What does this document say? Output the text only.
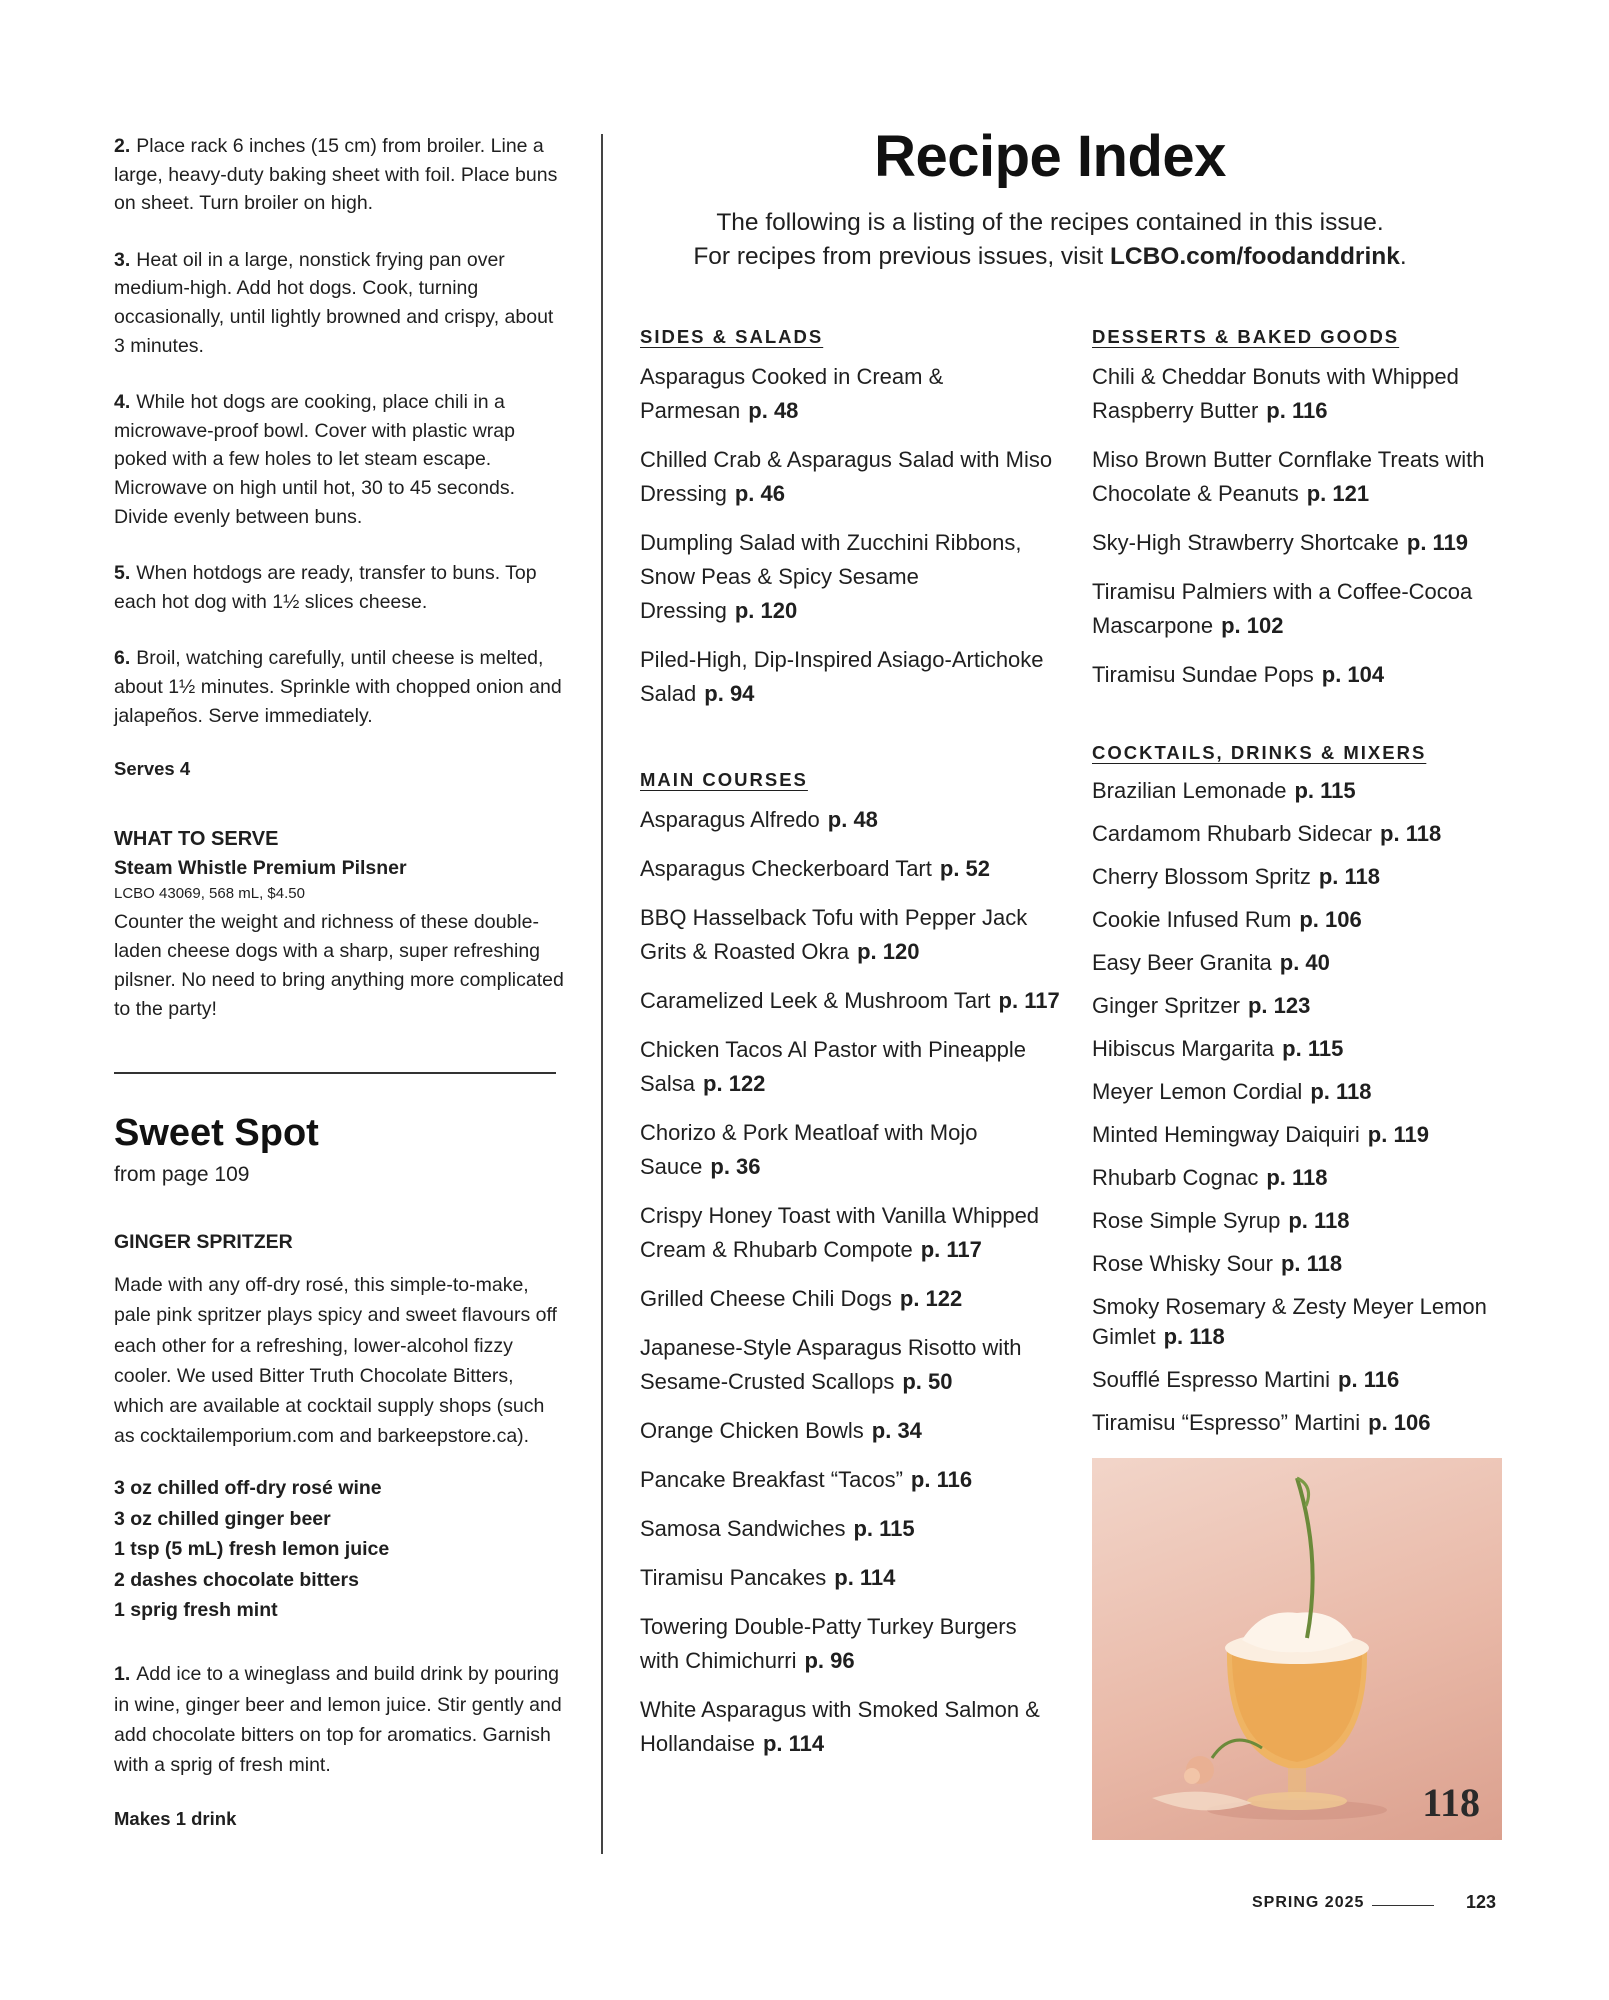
2. Place rack 6 inches (15 cm) from broiler. Line a large, heavy-duty baking sheet with foil. Place buns on sheet. Turn broiler on high.

3. Heat oil in a large, nonstick frying pan over medium-high. Add hot dogs. Cook, turning occasionally, until lightly browned and crispy, about 3 minutes.

4. While hot dogs are cooking, place chili in a microwave-proof bowl. Cover with plastic wrap poked with a few holes to let steam escape. Microwave on high until hot, 30 to 45 seconds. Divide evenly between buns.

5. When hotdogs are ready, transfer to buns. Top each hot dog with 1½ slices cheese.

6. Broil, watching carefully, until cheese is melted, about 1½ minutes. Sprinkle with chopped onion and jalapeños. Serve immediately.

Serves 4

WHAT TO SERVE

Steam Whistle Premium Pilsner

LCBO 43069, 568 mL, $4.50

Counter the weight and richness of these double-laden cheese dogs with a sharp, super refreshing pilsner. No need to bring anything more complicated to the party!

Sweet Spot

from page 109

GINGER SPRITZER

Made with any off-dry rosé, this simple-to-make, pale pink spritzer plays spicy and sweet flavours off each other for a refreshing, lower-alcohol fizzy cooler. We used Bitter Truth Chocolate Bitters, which are available at cocktail supply shops (such as cocktailemporium.com and barkeepstore.ca).

3 oz chilled off-dry rosé wine

3 oz chilled ginger beer

1 tsp (5 mL) fresh lemon juice

2 dashes chocolate bitters

1 sprig fresh mint

1. Add ice to a wineglass and build drink by pouring in wine, ginger beer and lemon juice. Stir gently and add chocolate bitters on top for aromatics. Garnish with a sprig of fresh mint.

Makes 1 drink

Recipe Index
The following is a listing of the recipes contained in this issue.
For recipes from previous issues, visit LCBO.com/foodanddrink.

SIDES & SALADS

Asparagus Cooked in Cream & Parmesan p. 48

Chilled Crab & Asparagus Salad with Miso Dressing p. 46

Dumpling Salad with Zucchini Ribbons, Snow Peas & Spicy Sesame Dressing p. 120

Piled-High, Dip-Inspired Asiago-Artichoke Salad p. 94

MAIN COURSES

Asparagus Alfredo p. 48

Asparagus Checkerboard Tart p. 52

BBQ Hasselback Tofu with Pepper Jack Grits & Roasted Okra p. 120

Caramelized Leek & Mushroom Tart p. 117

Chicken Tacos Al Pastor with Pineapple Salsa p. 122

Chorizo & Pork Meatloaf with Mojo Sauce p. 36

Crispy Honey Toast with Vanilla Whipped Cream & Rhubarb Compote p. 117

Grilled Cheese Chili Dogs p. 122

Japanese-Style Asparagus Risotto with Sesame-Crusted Scallops p. 50

Orange Chicken Bowls p. 34

Pancake Breakfast “Tacos” p. 116

Samosa Sandwiches p. 115

Tiramisu Pancakes p. 114

Towering Double-Patty Turkey Burgers with Chimichurri p. 96

White Asparagus with Smoked Salmon & Hollandaise p. 114

DESSERTS & BAKED GOODS

Chili & Cheddar Bonuts with Whipped Raspberry Butter p. 116

Miso Brown Butter Cornflake Treats with Chocolate & Peanuts p. 121

Sky-High Strawberry Shortcake p. 119

Tiramisu Palmiers with a Coffee-Cocoa Mascarpone p. 102

Tiramisu Sundae Pops p. 104

COCKTAILS, DRINKS & MIXERS

Brazilian Lemonade p. 115

Cardamom Rhubarb Sidecar p. 118

Cherry Blossom Spritz p. 118

Cookie Infused Rum p. 106

Easy Beer Granita p. 40

Ginger Spritzer p. 123

Hibiscus Margarita p. 115

Meyer Lemon Cordial p. 118

Minted Hemingway Daiquiri p. 119

Rhubarb Cognac p. 118

Rose Simple Syrup p. 118

Rose Whisky Sour p. 118

Smoky Rosemary & Zesty Meyer Lemon Gimlet p. 118

Soufflé Espresso Martini p. 116

Tiramisu “Espresso” Martini p. 106

118
SPRING 2025	123
